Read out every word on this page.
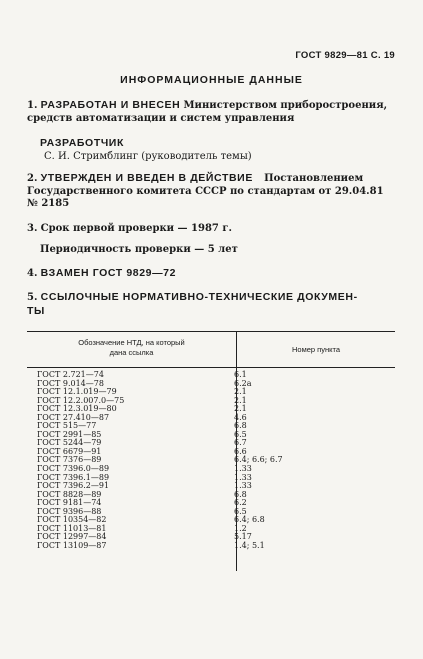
ГОСТ 9829—81 С. 19
ИНФОРМАЦИОННЫЕ ДАННЫЕ
1. РАЗРАБОТАН И ВНЕСЕН Министерством приборостроения,
средств автоматизации и систем управления
РАЗРАБОТЧИК
С. И. Стримблинг (руководитель темы)
2. УТВЕРЖДЕН И ВВЕДЕН В ДЕЙСТВИЕ Постановлением
Государственного комитета СССР по стандартам от 29.04.81
№ 2185
3. Срок первой проверки — 1987 г.
Периодичность проверки — 5 лет
4. ВЗАМЕН ГОСТ 9829—72
5. ССЫЛОЧНЫЕ НОРМАТИВНО-ТЕХНИЧЕСКИЕ ДОКУМЕН-
ТЫ
Обозначение НТД, на который
дана ссылка	Номер пункта
ГОСТ 2.721—74	6.1
ГОСТ 9.014—78	6.2а
ГОСТ 12.1.019—79	2.1
ГОСТ 12.2.007.0—75	2.1
ГОСТ 12.3.019—80	2.1
ГОСТ 27.410—87	4.6
ГОСТ 515—77	6.8
ГОСТ 2991—85	6.5
ГОСТ 5244—79	6.7
ГОСТ 6679—91	6.6
ГОСТ 7376—89	6.4; 6.6; 6.7
ГОСТ 7396.0—89	1.33
ГОСТ 7396.1—89	1.33
ГОСТ 7396.2—91	1.33
ГОСТ 8828—89	6.8
ГОСТ 9181—74	6.2
ГОСТ 9396—88	6.5
ГОСТ 10354—82	6.4; 6.8
ГОСТ 11013—81	1.2
ГОСТ 12997—84	5.17
ГОСТ 13109—87	1.4; 5.1
